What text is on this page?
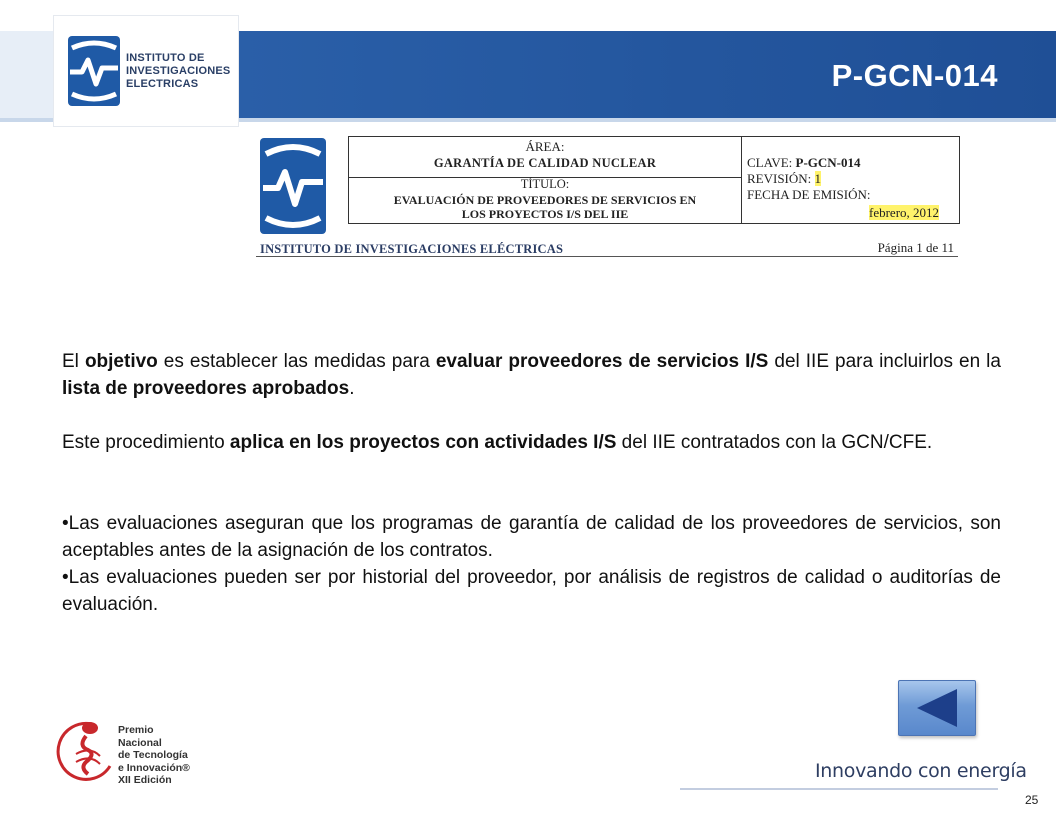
INSTITUTO DE
INVESTIGACIONES
ELECTRICAS	P-GCN-014
ÁREA:
GARANTÍA DE CALIDAD NUCLEAR
TÍTULO:
EVALUACIÓN DE PROVEEDORES DE SERVICIOS EN
LOS PROYECTOS I/S DEL IIE
CLAVE: P-GCN-014
REVISIÓN: 1
FECHA DE EMISIÓN:
febrero, 2012
INSTITUTO DE INVESTIGACIONES ELÉCTRICAS	Página 1 de 11

El objetivo es establecer las medidas para evaluar proveedores de servicios I/S del IIE para incluirlos en la lista de proveedores aprobados.

Este procedimiento aplica en los proyectos con actividades I/S del IIE contratados con la GCN/CFE.

•Las evaluaciones aseguran que los programas de garantía de calidad de los proveedores de servicios, son aceptables antes de la asignación de los contratos.

•Las evaluaciones pueden ser por historial del proveedor, por análisis de registros de calidad o auditorías de evaluación.

Premio
Nacional
de Tecnología
e Innovación®
XII Edición	Innovando con energía
25
